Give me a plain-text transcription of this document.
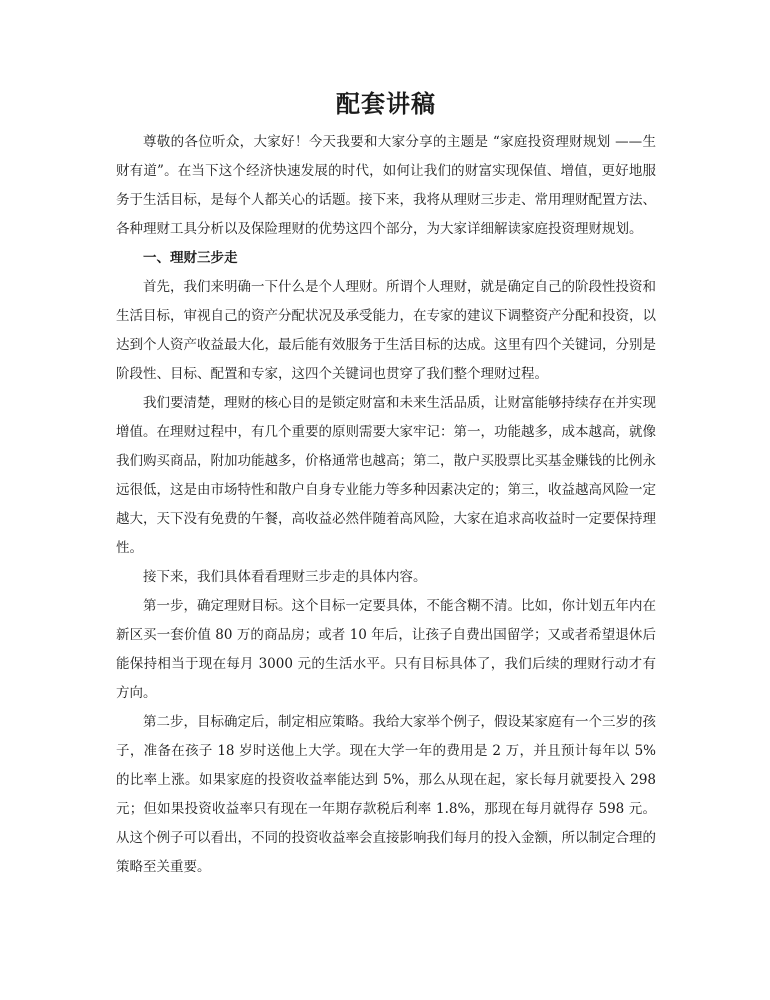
配套讲稿

尊敬的各位听众，大家好！今天我要和大家分享的主题是 “家庭投资理财规划 ——生财有道”。在当下这个经济快速发展的时代，如何让我们的财富实现保值、增值，更好地服务于生活目标，是每个人都关心的话题。接下来，我将从理财三步走、常用理财配置方法、各种理财工具分析以及保险理财的优势这四个部分，为大家详细解读家庭投资理财规划。

一、理财三步走

首先，我们来明确一下什么是个人理财。所谓个人理财，就是确定自己的阶段性投资和生活目标，审视自己的资产分配状况及承受能力，在专家的建议下调整资产分配和投资，以达到个人资产收益最大化，最后能有效服务于生活目标的达成。这里有四个关键词，分别是阶段性、目标、配置和专家，这四个关键词也贯穿了我们整个理财过程。

我们要清楚，理财的核心目的是锁定财富和未来生活品质，让财富能够持续存在并实现增值。在理财过程中，有几个重要的原则需要大家牢记：第一，功能越多，成本越高，就像我们购买商品，附加功能越多，价格通常也越高；第二，散户买股票比买基金赚钱的比例永远很低，这是由市场特性和散户自身专业能力等多种因素决定的；第三，收益越高风险一定越大，天下没有免费的午餐，高收益必然伴随着高风险，大家在追求高收益时一定要保持理性。

接下来，我们具体看看理财三步走的具体内容。

第一步，确定理财目标。这个目标一定要具体，不能含糊不清。比如，你计划五年内在新区买一套价值 80 万的商品房；或者 10 年后，让孩子自费出国留学；又或者希望退休后能保持相当于现在每月 3000 元的生活水平。只有目标具体了，我们后续的理财行动才有方向。

第二步，目标确定后，制定相应策略。我给大家举个例子，假设某家庭有一个三岁的孩子，准备在孩子 18 岁时送他上大学。现在大学一年的费用是 2 万，并且预计每年以 5%的比率上涨。如果家庭的投资收益率能达到 5%，那么从现在起，家长每月就要投入 298 元；但如果投资收益率只有现在一年期存款税后利率 1.8%，那现在每月就得存 598 元。从这个例子可以看出，不同的投资收益率会直接影响我们每月的投入金额，所以制定合理的策略至关重要。
